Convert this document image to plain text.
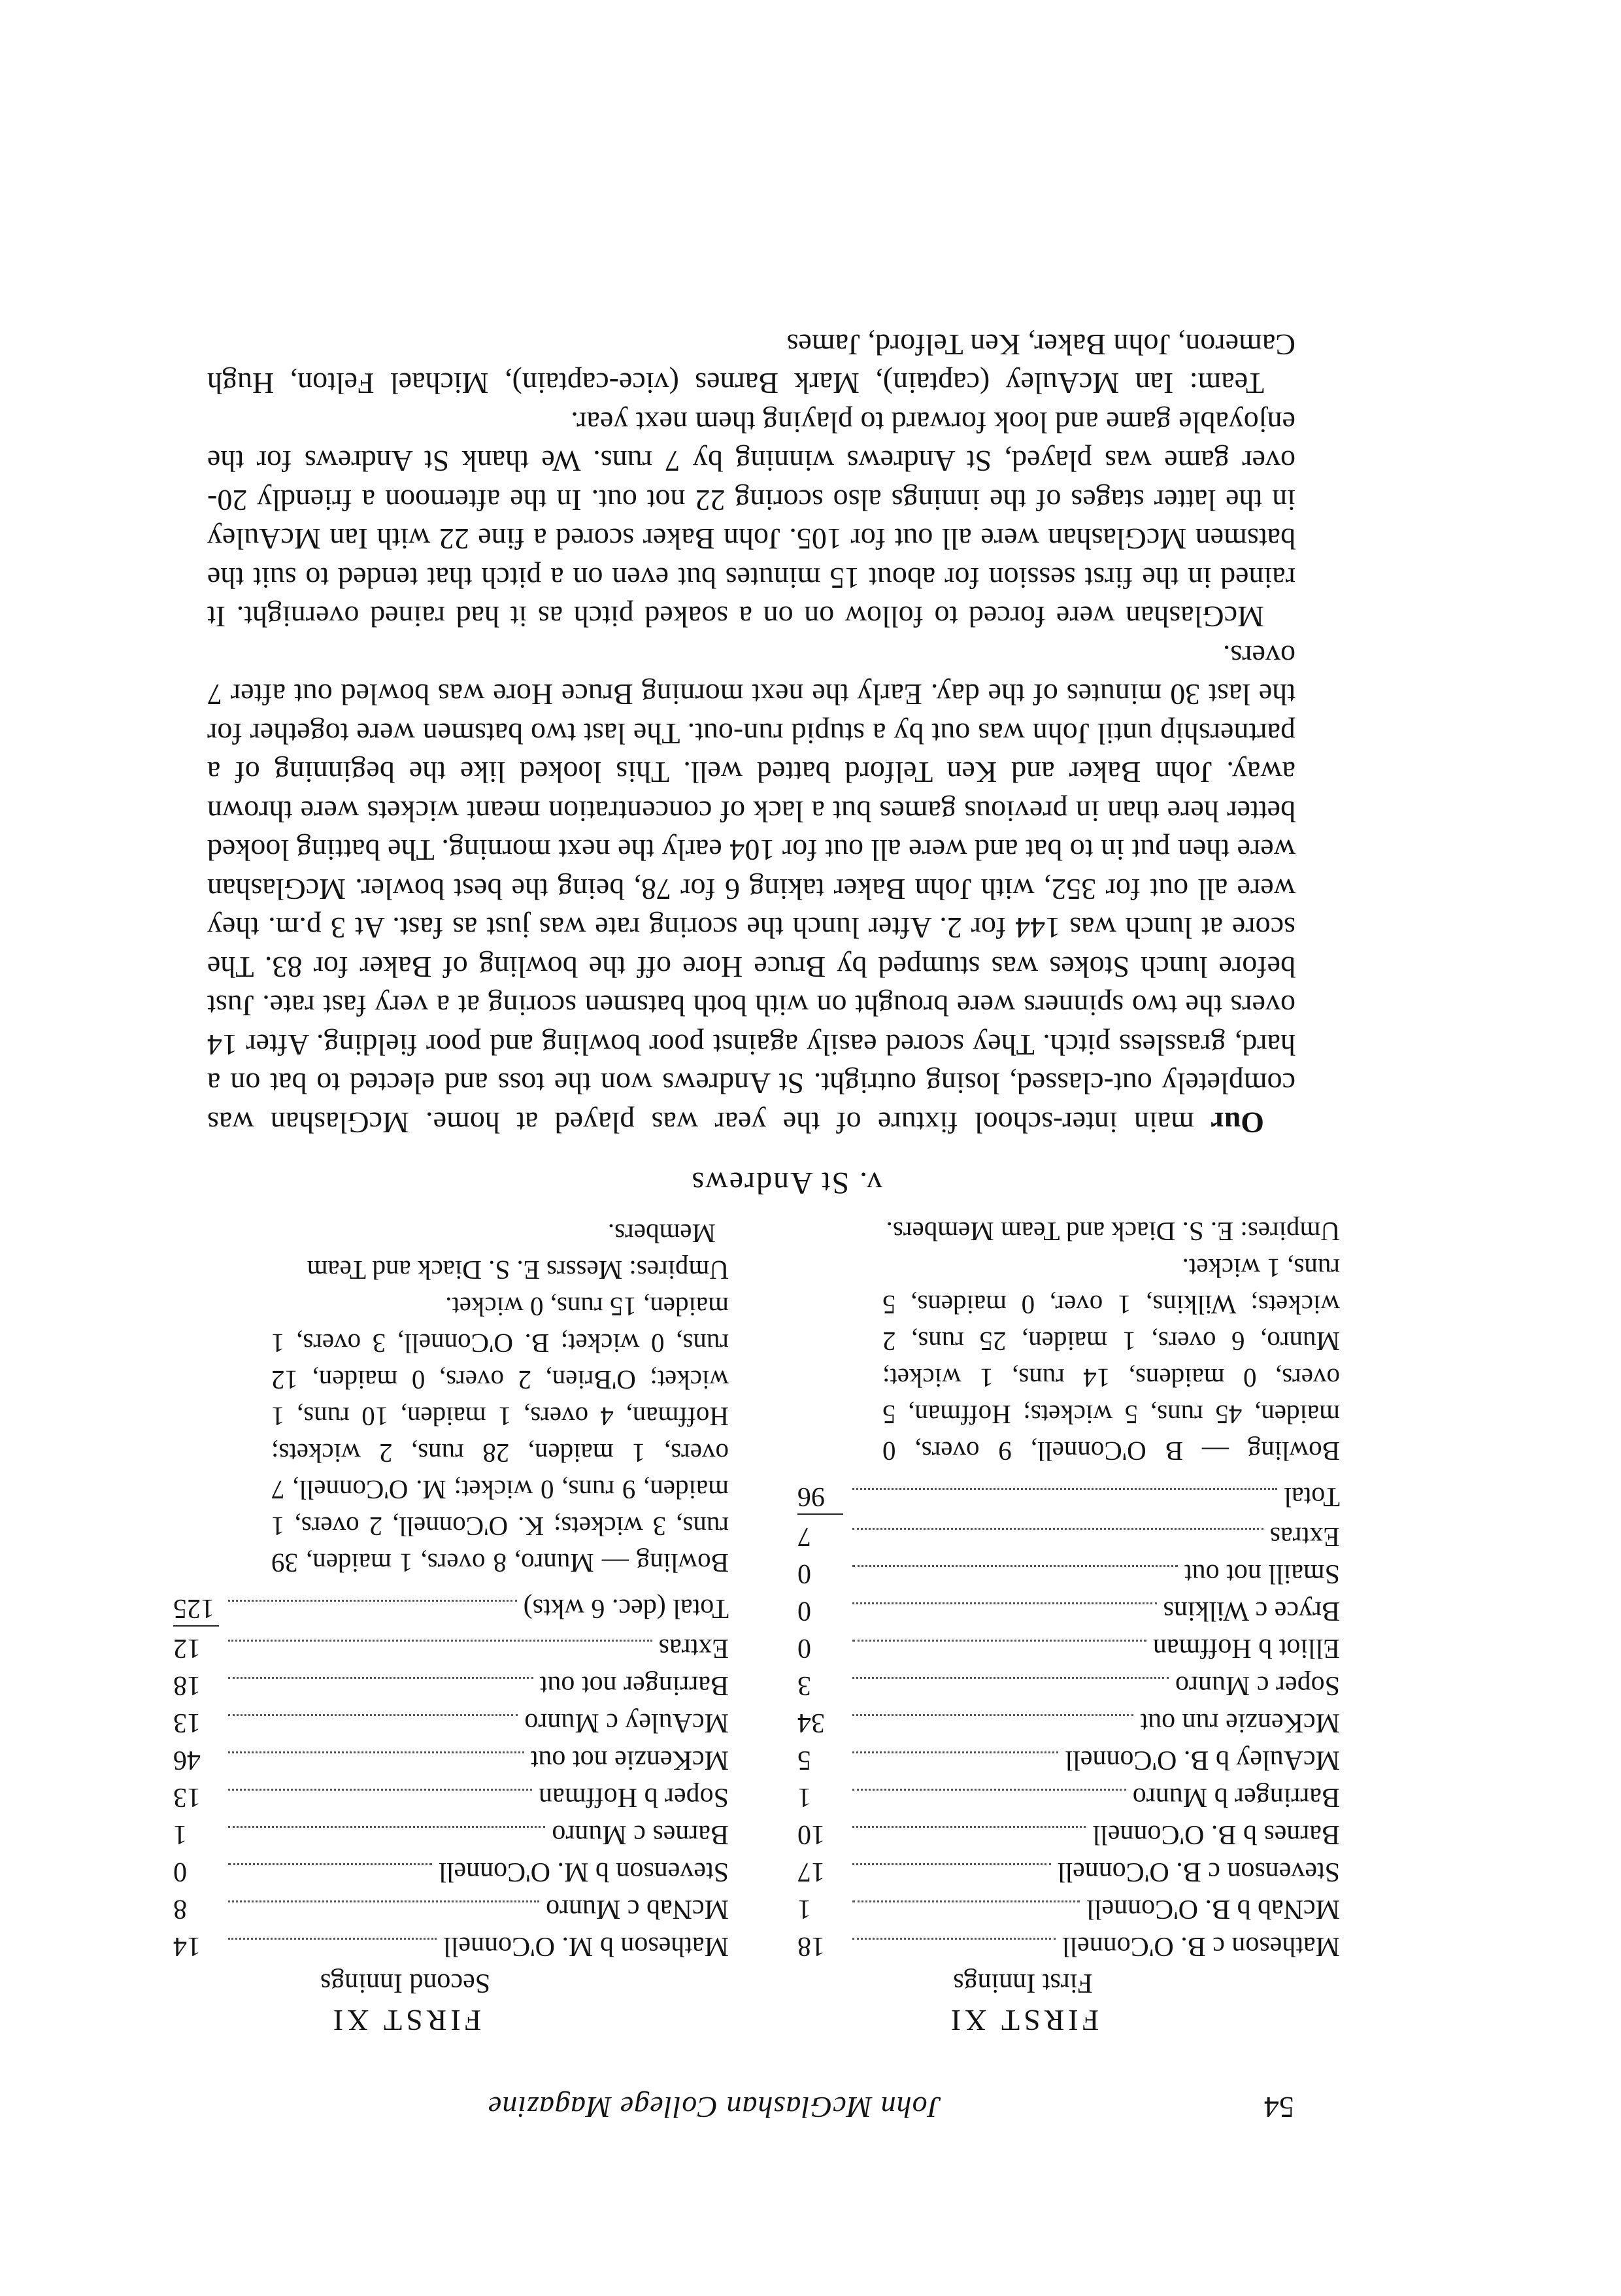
54
John McGlashan College Magazine
FIRST XI
First Innings
Matheson c B. O'Connell
18
McNab b B. O'Connell
1
Stevenson c B. O'Connell
17
Barnes b B. O'Connell
10
Barringer b Munro
1
McAuley b B. O'Connell
5
McKenzie run out
34
Soper c Munro
3
Elliot b Hoffman
0
Bryce c Wilkins
0
Smaill not out
0
Extras
7
Total
96
Bowling — B O'Connell, 9 overs, 0 maiden, 45 runs, 5 wickets; Hoffman, 5 overs, 0 maidens, 14 runs, 1 wicket; Munro, 6 overs, 1 maiden, 25 runs, 2 wickets; Wilkins, 1 over, 0 maidens, 5 runs, 1 wicket.
Umpires: E. S. Diack and Team Members.
FIRST XI
Second Innings
Matheson b M. O'Connell
14
McNab c Munro
8
Stevenson b M. O'Connell
0
Barnes c Munro
1
Soper b Hoffman
13
McKenzie not out
46
McAuley c Munro
13
Barringer not out
18
Extras
12
Total (dec. 6 wkts)
125
Bowling — Munro, 8 overs, 1 maiden, 39 runs, 3 wickets; K. O'Connell, 2 overs, 1 maiden, 9 runs, 0 wicket; M. O'Connell, 7 overs, 1 maiden, 28 runs, 2 wickets; Hoffman, 4 overs, 1 maiden, 10 runs, 1 wicket; O'Brien, 2 overs, 0 maiden, 12 runs, 0 wicket; B. O'Connell, 3 overs, 1 maiden, 15 runs, 0 wicket.
Umpires: Messrs E. S. Diack and Team Members.
v. St Andrews

Our main inter-school fixture of the year was played at home. McGlashan was completely out-classed, losing outright. St Andrews won the toss and elected to bat on a hard, grassless pitch. They scored easily against poor bowling and poor fielding. After 14 overs the two spinners were brought on with both batsmen scoring at a very fast rate. Just before lunch Stokes was stumped by Bruce Hore off the bowling of Baker for 83. The score at lunch was 144 for 2. After lunch the scoring rate was just as fast. At 3 p.m. they were all out for 352, with John Baker taking 6 for 78, being the best bowler. McGlashan were then put in to bat and were all out for 104 early the next morning. The batting looked better here than in previous games but a lack of concentration meant wickets were thrown away. John Baker and Ken Telford batted well. This looked like the beginning of a partnership until John was out by a stupid run-out. The last two batsmen were together for the last 30 minutes of the day. Early the next morning Bruce Hore was bowled out after 7 overs.

McGlashan were forced to follow on on a soaked pitch as it had rained overnight. It rained in the first session for about 15 minutes but even on a pitch that tended to suit the batsmen McGlashan were all out for 105. John Baker scored a fine 22 with Ian McAuley in the latter stages of the innings also scoring 22 not out. In the afternoon a friendly 20-over game was played, St Andrews winning by 7 runs. We thank St Andrews for the enjoyable game and look forward to playing them next year.

Team: Ian McAuley (captain), Mark Barnes (vice-captain), Michael Felton, Hugh Cameron, John Baker, Ken Telford, James
